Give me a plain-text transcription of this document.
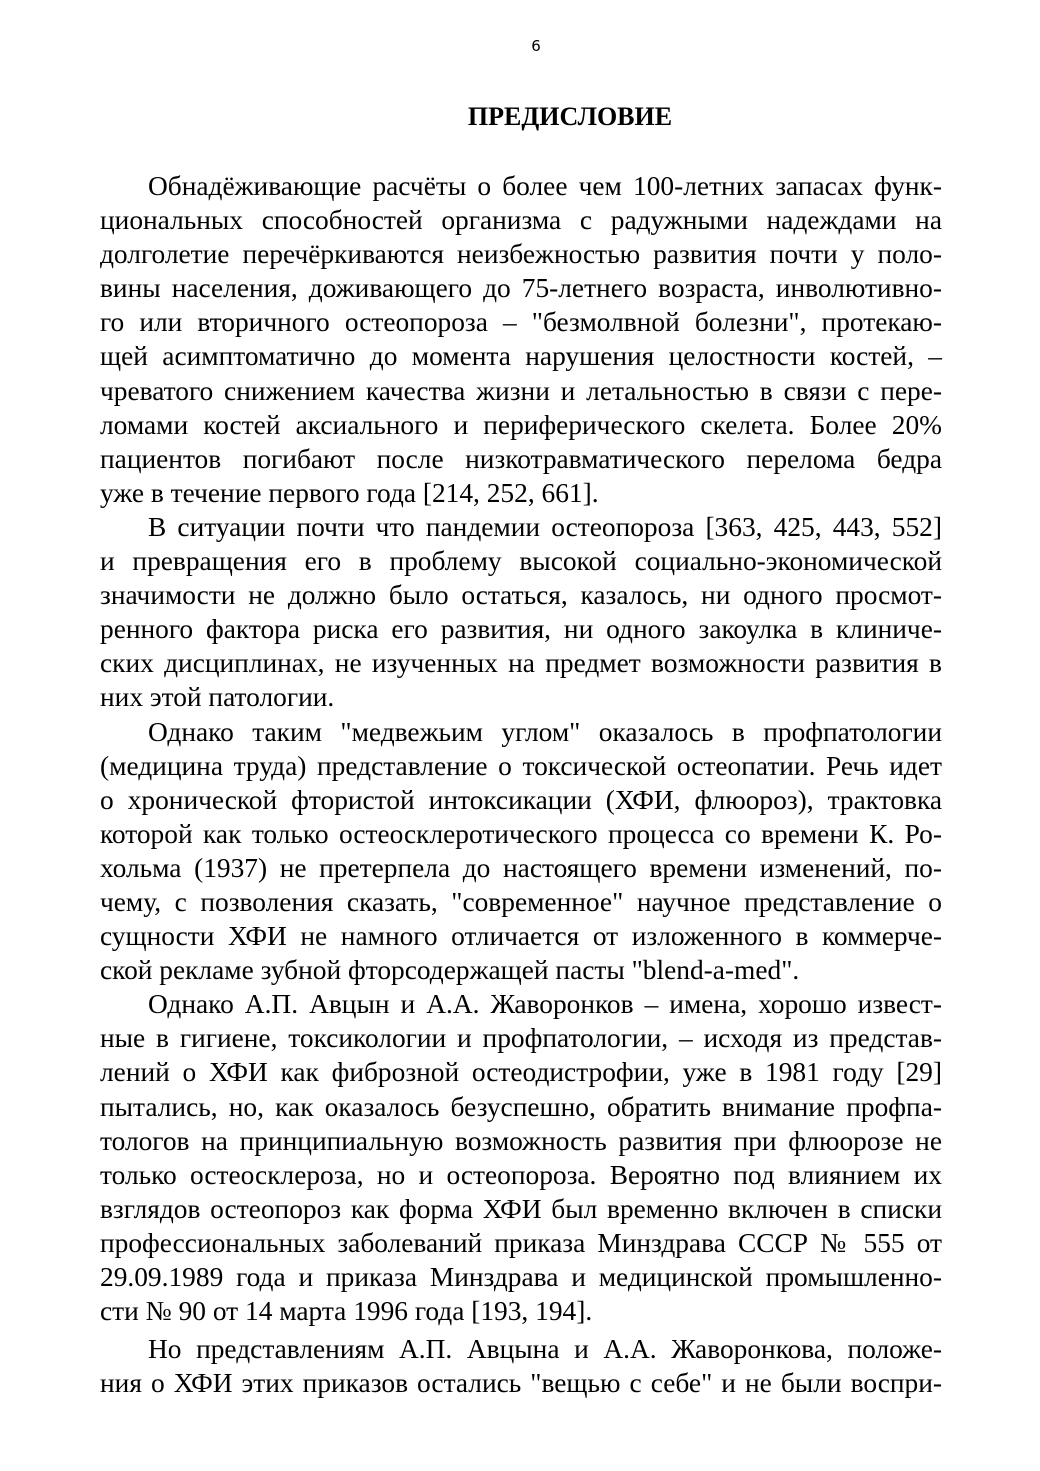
6
ПРЕДИСЛОВИЕ

Обнадёживающие расчёты о более чем 100-летних запасах функ-
циональных способностей организма с радужными надеждами на
долголетие перечёркиваются неизбежностью развития почти у поло-
вины населения, доживающего до 75-летнего возраста, инволютивно-
го или вторичного остеопороза – "безмолвной болезни", протекаю-
щей асимптоматично до момента нарушения целостности костей, –
чреватого снижением качества жизни и летальностью в связи с пере-
ломами костей аксиального и периферического скелета. Более 20%
пациентов погибают после низкотравматического перелома бедра
уже в течение первого года [214, 252, 661].

В ситуации почти что пандемии остеопороза [363, 425, 443, 552]
и превращения его в проблему высокой социально-экономической
значимости не должно было остаться, казалось, ни одного просмот-
ренного фактора риска его развития, ни одного закоулка в клиниче-
ских дисциплинах, не изученных на предмет возможности развития в
них этой патологии.

Однако таким "медвежьим углом" оказалось в профпатологии
(медицина труда) представление о токсической остеопатии. Речь идет
о хронической фтористой интоксикации (ХФИ, флюороз), трактовка
которой как только остеосклеротического процесса со времени К. Ро-
хольма (1937) не претерпела до настоящего времени изменений, по-
чему, с позволения сказать, "современное" научное представление о
сущности ХФИ не намного отличается от изложенного в коммерче-
ской рекламе зубной фторсодержащей пасты "blend-a-med".

Однако А.П. Авцын и А.А. Жаворонков – имена, хорошо извест-
ные в гигиене, токсикологии и профпатологии, – исходя из представ-
лений о ХФИ как фиброзной остеодистрофии, уже в 1981 году [29]
пытались, но, как оказалось безуспешно, обратить внимание профпа-
тологов на принципиальную возможность развития при флюорозе не
только остеосклероза, но и остеопороза. Вероятно под влиянием их
взглядов остеопороз как форма ХФИ был временно включен в списки
профессиональных заболеваний приказа Минздрава СССР № 555 от
29.09.1989 года и приказа Минздрава и медицинской промышленно-
сти № 90 от 14 марта 1996 года [193, 194].

Но представлениям А.П. Авцына и А.А. Жаворонкова, положе-
ния о ХФИ этих приказов остались "вещью с себе" и не были воспри-
